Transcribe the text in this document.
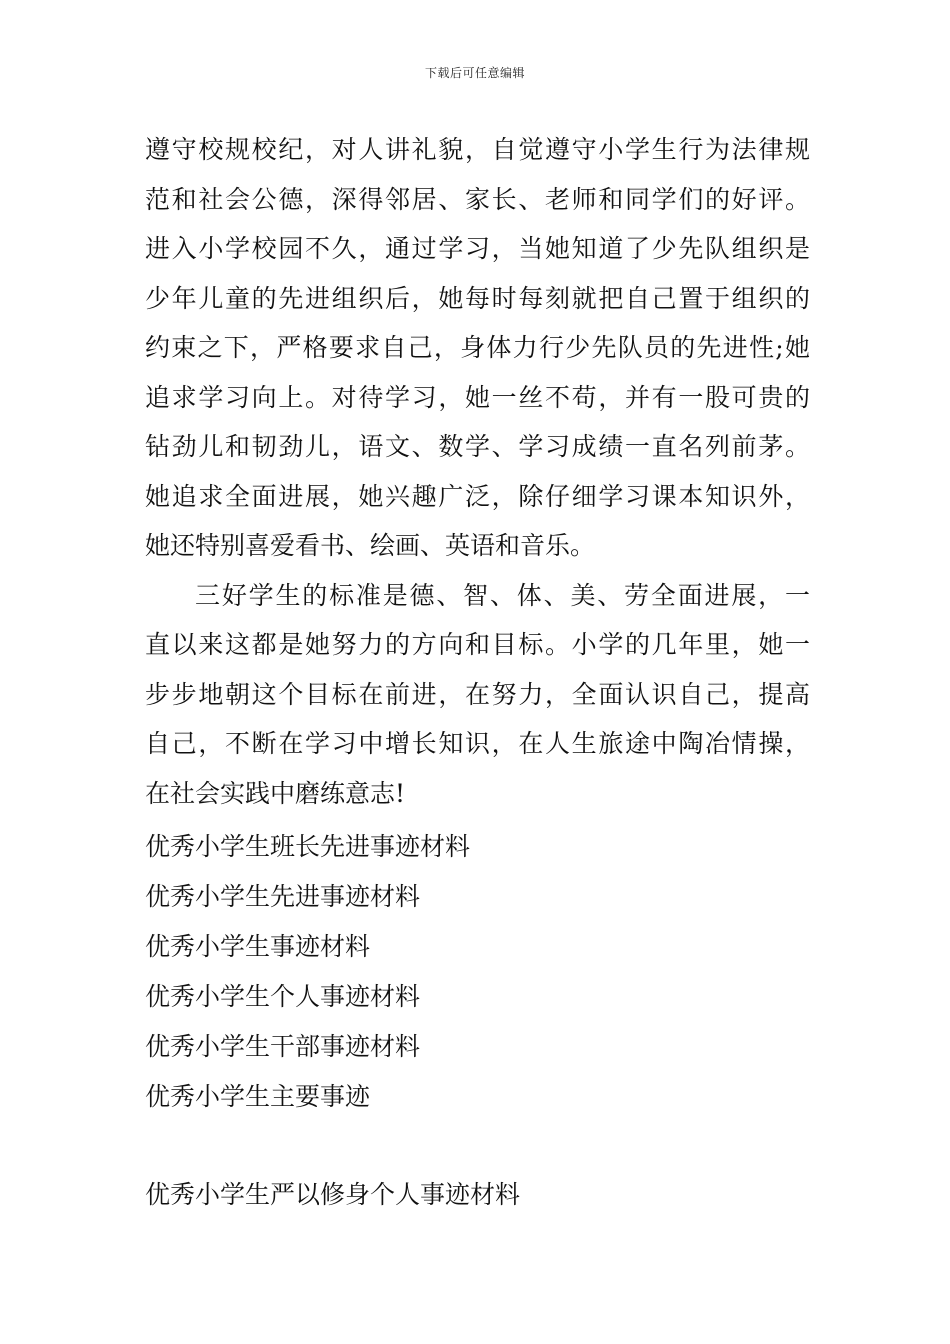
下载后可任意编辑
遵守校规校纪，对人讲礼貌，自觉遵守小学生行为法律规
范和社会公德，深得邻居、家长、老师和同学们的好评。
进入小学校园不久，通过学习，当她知道了少先队组织是
少年儿童的先进组织后，她每时每刻就把自己置于组织的
约束之下，严格要求自己，身体力行少先队员的先进性;她
追求学习向上。对待学习，她一丝不苟，并有一股可贵的
钻劲儿和韧劲儿，语文、数学、学习成绩一直名列前茅。
她追求全面进展，她兴趣广泛，除仔细学习课本知识外，
她还特别喜爱看书、绘画、英语和音乐。
三好学生的标准是德、智、体、美、劳全面进展，一
直以来这都是她努力的方向和目标。小学的几年里，她一
步步地朝这个目标在前进，在努力，全面认识自己，提高
自己，不断在学习中增长知识，在人生旅途中陶冶情操，
在社会实践中磨练意志!
优秀小学生班长先进事迹材料
优秀小学生先进事迹材料
优秀小学生事迹材料
优秀小学生个人事迹材料
优秀小学生干部事迹材料
优秀小学生主要事迹
优秀小学生严以修身个人事迹材料
